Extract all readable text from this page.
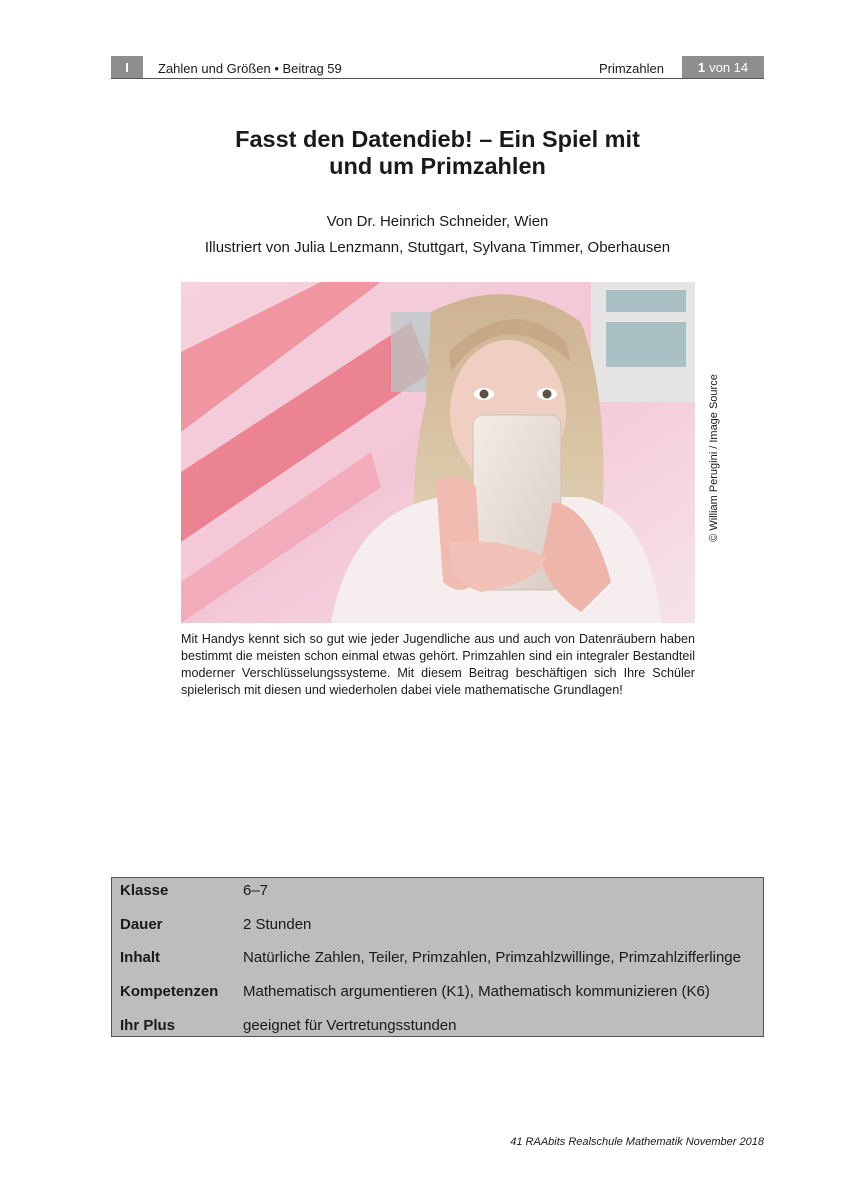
I	Zahlen und Größen • Beitrag 59	Primzahlen	1 von 14
Fasst den Datendieb! – Ein Spiel mit
und um Primzahlen
Von Dr. Heinrich Schneider, Wien
Illustriert von Julia Lenzmann, Stuttgart, Sylvana Timmer, Oberhausen
© William Perugini / Image Source

Mit Handys kennt sich so gut wie jeder Jugendliche aus und auch von Datenräubern haben bestimmt die meisten schon einmal etwas gehört. Primzahlen sind ein integraler Bestandteil moderner Verschlüsselungssysteme. Mit diesem Beitrag beschäftigen sich Ihre Schüler spielerisch mit diesen und wiederholen dabei viele mathematische Grundlagen!

Klasse	6–7
Dauer	2 Stunden
Inhalt	Natürliche Zahlen, Teiler, Primzahlen, Primzahlzwillinge, Primzahlzifferlinge
Kompetenzen Mathematisch argumentieren (K1), Mathematisch kommunizieren (K6)
Ihr Plus	geeignet für Vertretungsstunden
41 RAAbits Realschule Mathematik November 2018
